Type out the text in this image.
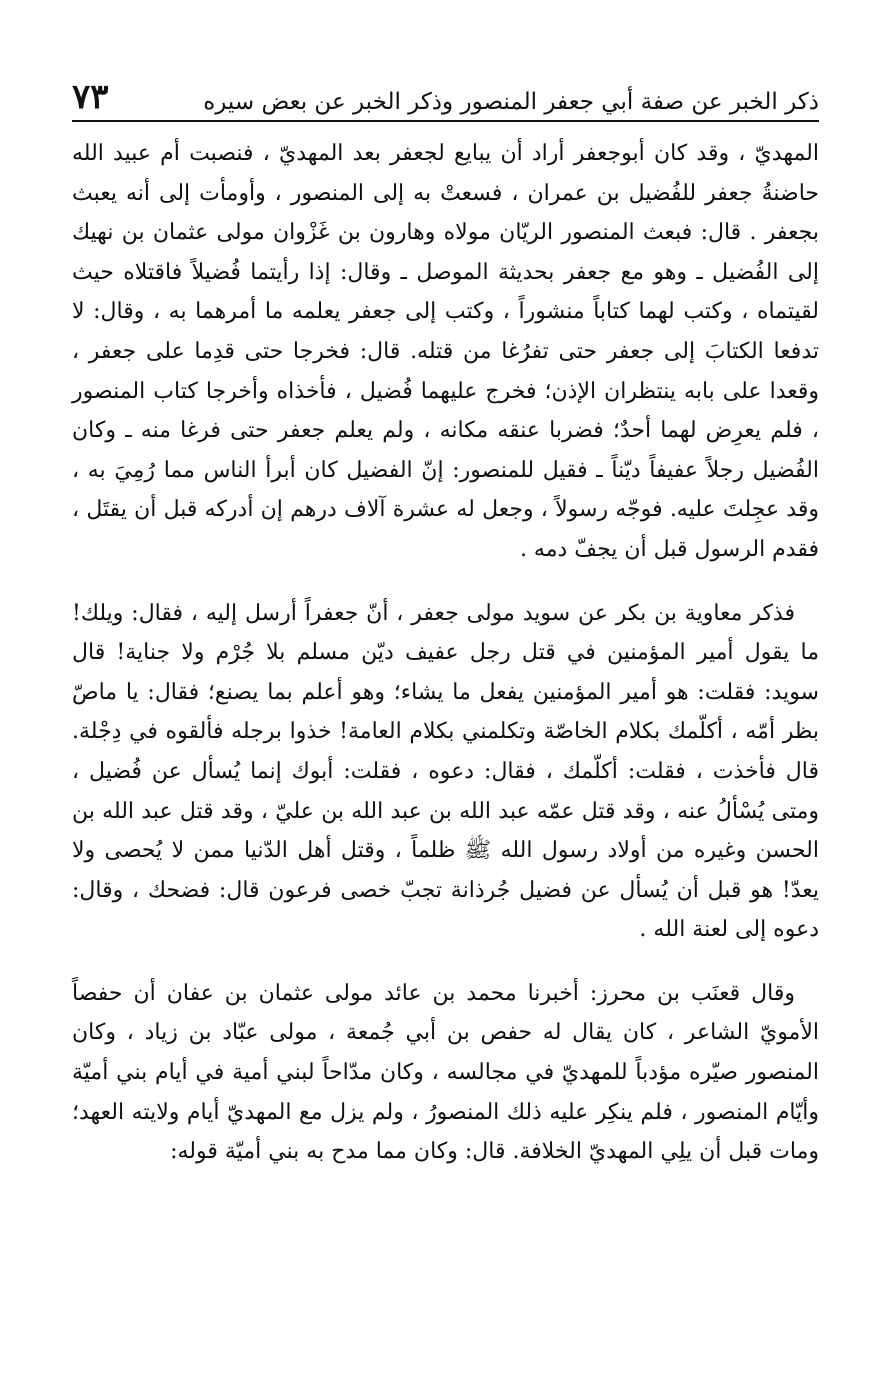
ذكر الخبر عن صفة أبي جعفر المنصور وذكر الخبر عن بعض سيره
٧٣

المهديّ ، وقد كان أبوجعفر أراد أن يبايع لجعفر بعد المهديّ ، فنصبت أم عبيد الله حاضنةُ جعفر للفُضيل بن عمران ، فسعتْ به إلى المنصور ، وأومأت إلى أنه يعبث بجعفر . قال: فبعث المنصور الريّان مولاه وهارون بن غَزْوان مولى عثمان بن نهيك إلى الفُضيل ـ وهو مع جعفر بحديثة الموصل ـ وقال: إذا رأيتما فُضيلاً فاقتلاه حيث لقيتماه ، وكتب لهما كتاباً منشوراً ، وكتب إلى جعفر يعلمه ما أمرهما به ، وقال: لا تدفعا الكتابَ إلى جعفر حتى تفرُغا من قتله. قال: فخرجا حتى قدِما على جعفر ، وقعدا على بابه ينتظران الإذن؛ فخرج عليهما فُضيل ، فأخذاه وأخرجا كتاب المنصور ، فلم يعرِض لهما أحدٌ؛ فضربا عنقه مكانه ، ولم يعلم جعفر حتى فرغا منه ـ وكان الفُضيل رجلاً عفيفاً ديّناً ـ فقيل للمنصور: إنّ الفضيل كان أبرأ الناس مما رُمِيَ به ، وقد عجِلتَ عليه. فوجّه رسولاً ، وجعل له عشرة آلاف درهم إن أدركه قبل أن يقتَل ، فقدم الرسول قبل أن يجفّ دمه .

فذكر معاوية بن بكر عن سويد مولى جعفر ، أنّ جعفراً أرسل إليه ، فقال: ويلك! ما يقول أمير المؤمنين في قتل رجل عفيف ديّن مسلم بلا جُرْم ولا جناية! قال سويد: فقلت: هو أمير المؤمنين يفعل ما يشاء؛ وهو أعلم بما يصنع؛ فقال: يا ماصّ بظر أمّه ، أكلّمك بكلام الخاصّة وتكلمني بكلام العامة! خذوا برجله فألقوه في دِجْلة. قال فأخذت ، فقلت: أكلّمك ، فقال: دعوه ، فقلت: أبوك إنما يُسأل عن فُضيل ، ومتى يُسْألُ عنه ، وقد قتل عمّه عبد الله بن عبد الله بن عليّ ، وقد قتل عبد الله بن الحسن وغيره من أولاد رسول الله ﷺ ظلماً ، وقتل أهل الدّنيا ممن لا يُحصى ولا يعدّ! هو قبل أن يُسأل عن فضيل جُرذانة تجبّ خصى فرعون قال: فضحك ، وقال: دعوه إلى لعنة الله .

وقال قعنَب بن محرز: أخبرنا محمد بن عائد مولى عثمان بن عفان أن حفصاً الأمويّ الشاعر ، كان يقال له حفص بن أبي جُمعة ، مولى عبّاد بن زياد ، وكان المنصور صيّره مؤدباً للمهديّ في مجالسه ، وكان مدّاحاً لبني أمية في أيام بني أميّة وأيّام المنصور ، فلم ينكِر عليه ذلك المنصورُ ، ولم يزل مع المهديّ أيام ولايته العهد؛ ومات قبل أن يلِي المهديّ الخلافة. قال: وكان مما مدح به بني أميّة قوله:
